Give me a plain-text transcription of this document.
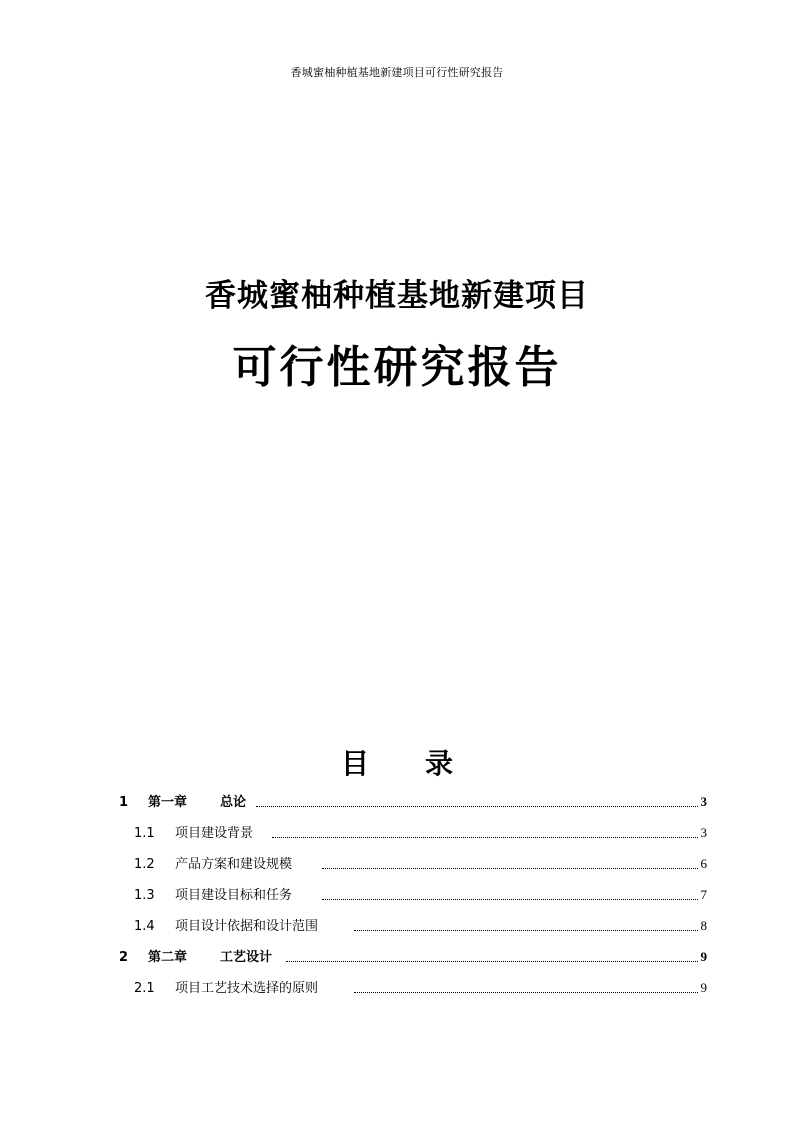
香城蜜柚种植基地新建项目可行性研究报告
香城蜜柚种植基地新建项目
可行性研究报告
目 录
1 第一章	总论	3
1.1 项目建设背景	3
1.2 产品方案和建设规模	6
1.3 项目建设目标和任务	7
1.4 项目设计依据和设计范围	8
2 第二章	工艺设计	9
2.1 项目工艺技术选择的原则	9
